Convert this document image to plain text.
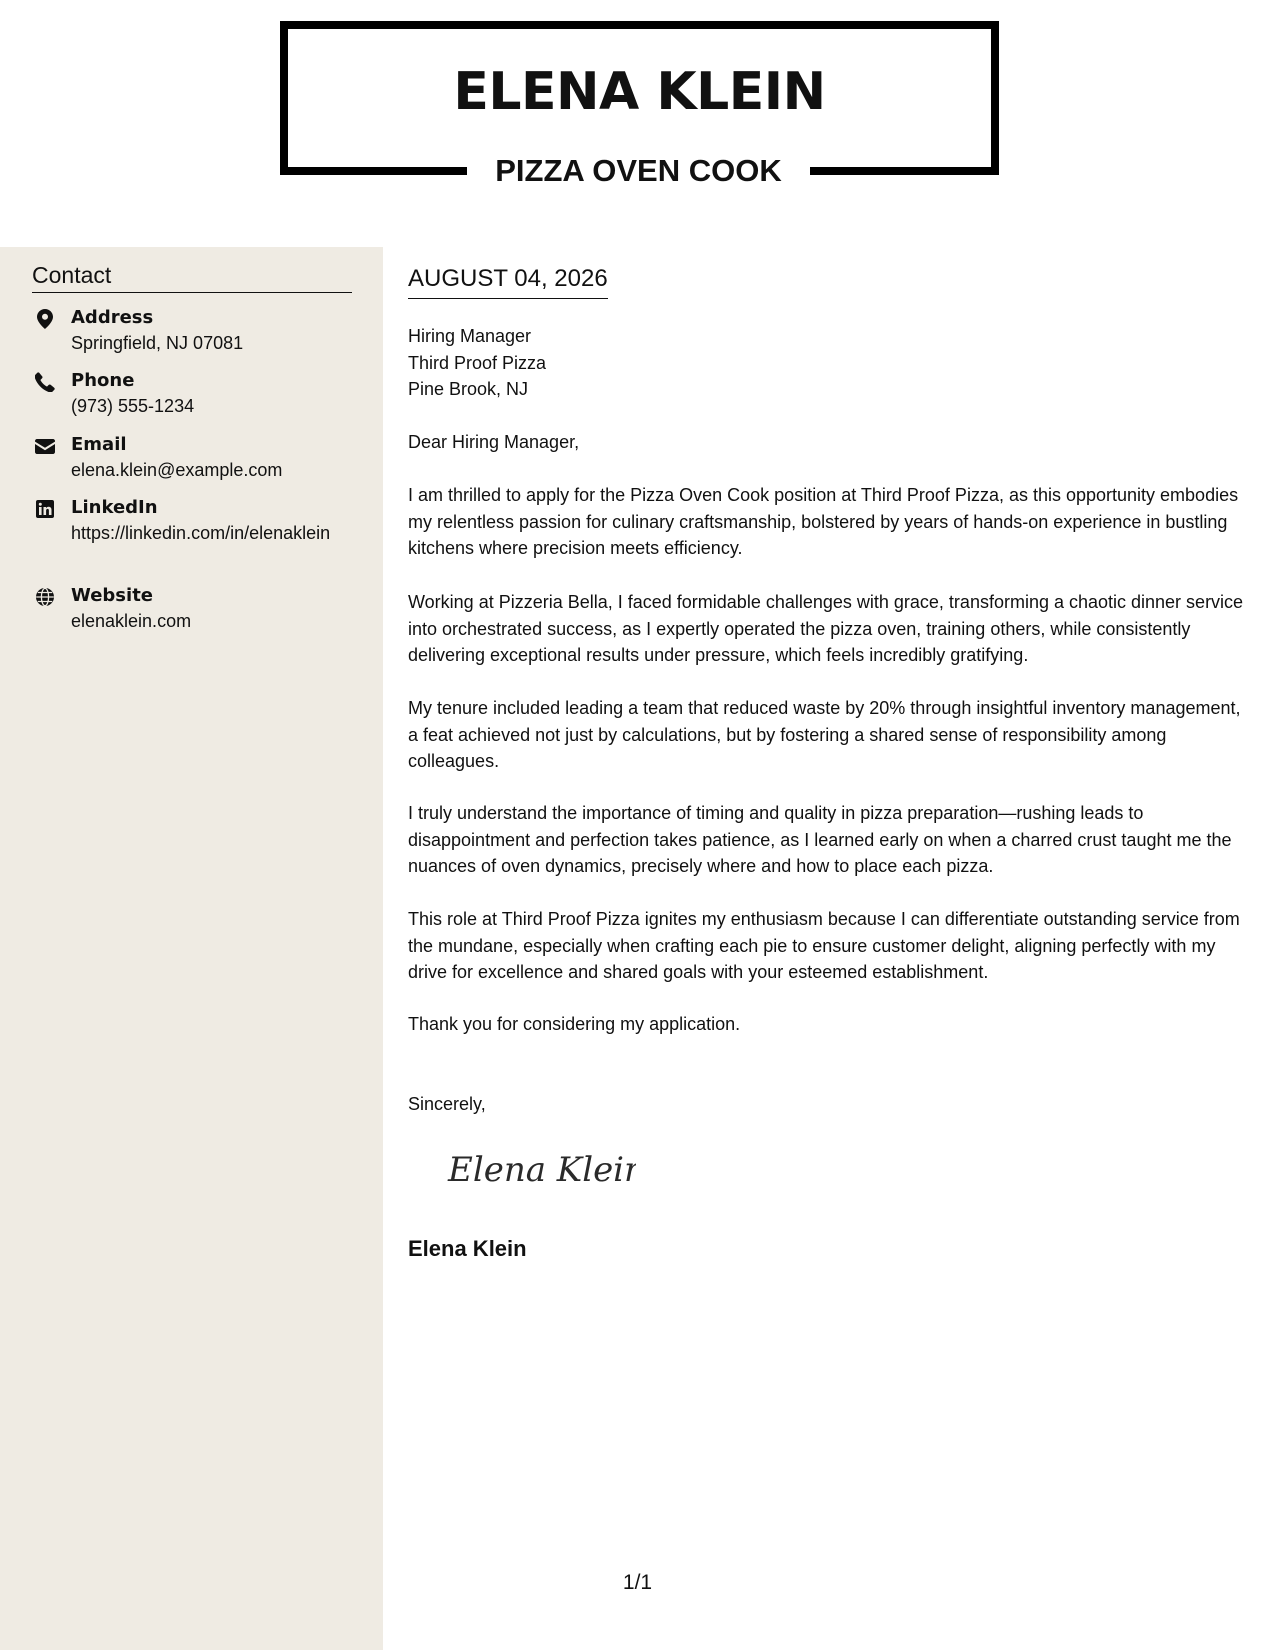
ELENA KLEIN
PIZZA OVEN COOK
Contact
Address
Springfield, NJ 07081
Phone
(973) 555-1234
Email
elena.klein@example.com
LinkedIn
https://linkedin.com/in/elenaklein
Website
elenaklein.com
AUGUST 04, 2026
Hiring Manager
Third Proof Pizza
Pine Brook, NJ
Dear Hiring Manager,
I am thrilled to apply for the Pizza Oven Cook position at Third Proof Pizza, as this opportunity embodies my relentless passion for culinary craftsmanship, bolstered by years of hands-on experience in bustling kitchens where precision meets efficiency.
Working at Pizzeria Bella, I faced formidable challenges with grace, transforming a chaotic dinner service into orchestrated success, as I expertly operated the pizza oven, training others, while consistently delivering exceptional results under pressure, which feels incredibly gratifying.
My tenure included leading a team that reduced waste by 20% through insightful inventory management, a feat achieved not just by calculations, but by fostering a shared sense of responsibility among colleagues.
I truly understand the importance of timing and quality in pizza preparation—rushing leads to disappointment and perfection takes patience, as I learned early on when a charred crust taught me the nuances of oven dynamics, precisely where and how to place each pizza.
This role at Third Proof Pizza ignites my enthusiasm because I can differentiate outstanding service from the mundane, especially when crafting each pie to ensure customer delight, aligning perfectly with my drive for excellence and shared goals with your esteemed establishment.
Thank you for considering my application.
Sincerely,
Elena Klein
Elena Klein
1/1
